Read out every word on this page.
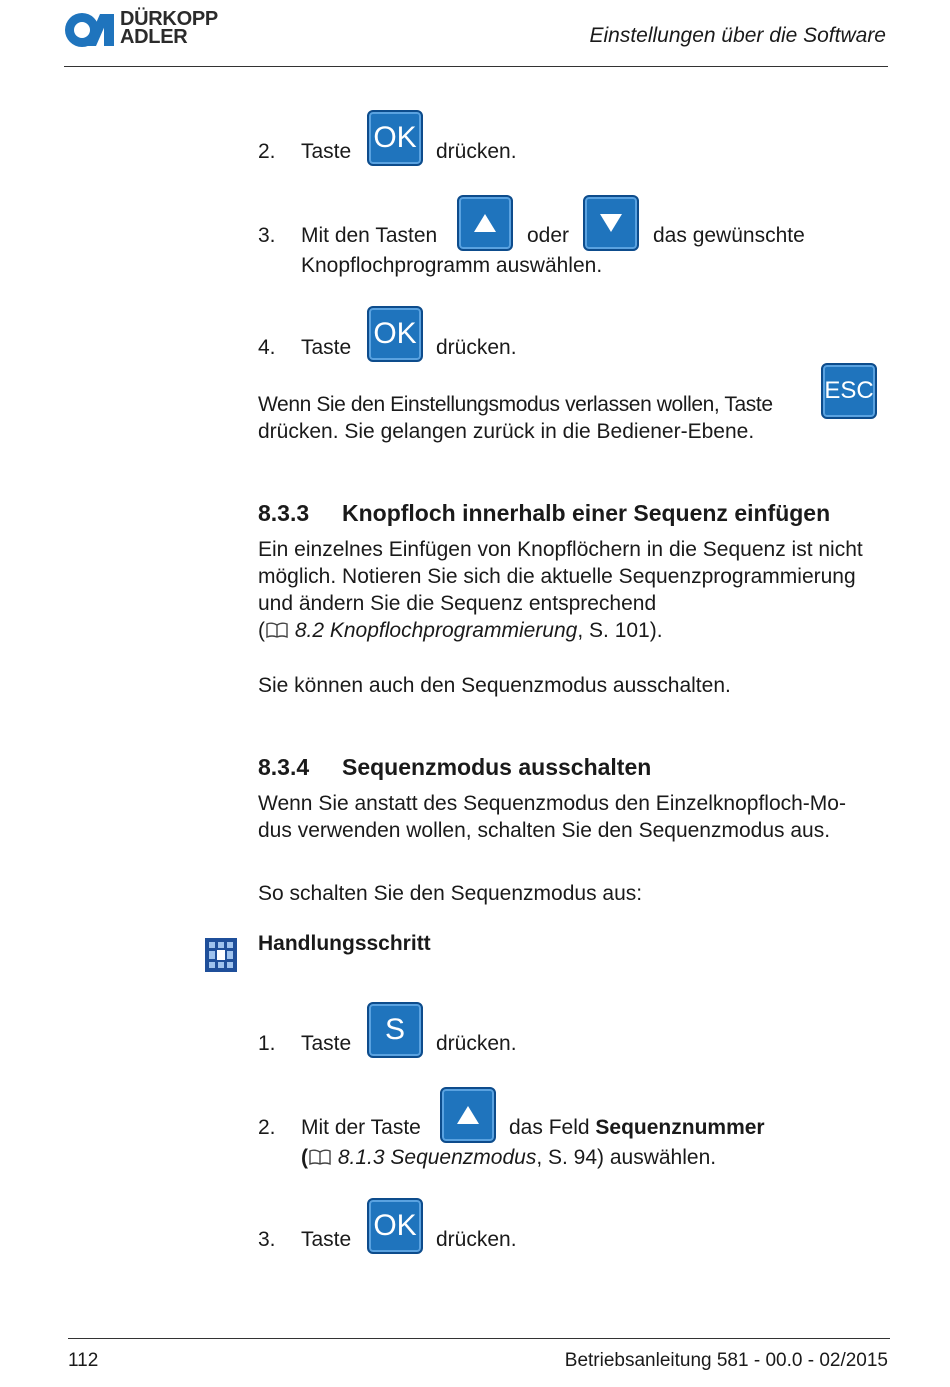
DÜRKOPP
ADLER	Einstellungen über die Software
2. Taste OK drücken.
3. Mit den Tasten	oder	das gewünschte
Knopflochprogramm auswählen.
4. Taste OK drücken.
Wenn Sie den Einstellungsmodus verlassen wollen, Taste
drücken. Sie gelangen zurück in die Bediener-Ebene.
ESC
8.3.3 Knopfloch innerhalb einer Sequenz einfügen
Ein einzelnes Einfügen von Knopflöchern in die Sequenz ist nicht
möglich. Notieren Sie sich die aktuelle Sequenzprogrammierung
und ändern Sie die Sequenz entsprechend
( 8.2 Knopflochprogrammierung, S. 101).
Sie können auch den Sequenzmodus ausschalten.
8.3.4 Sequenzmodus ausschalten
Wenn Sie anstatt des Sequenzmodus den Einzelknopfloch-Mo-
dus verwenden wollen, schalten Sie den Sequenzmodus aus.
So schalten Sie den Sequenzmodus aus:
Handlungsschritt
1. Taste S drücken.
2. Mit der Taste	das Feld Sequenznummer
( 8.1.3 Sequenzmodus, S. 94) auswählen.
3. Taste OK drücken.
112	Betriebsanleitung 581 - 00.0 - 02/2015
